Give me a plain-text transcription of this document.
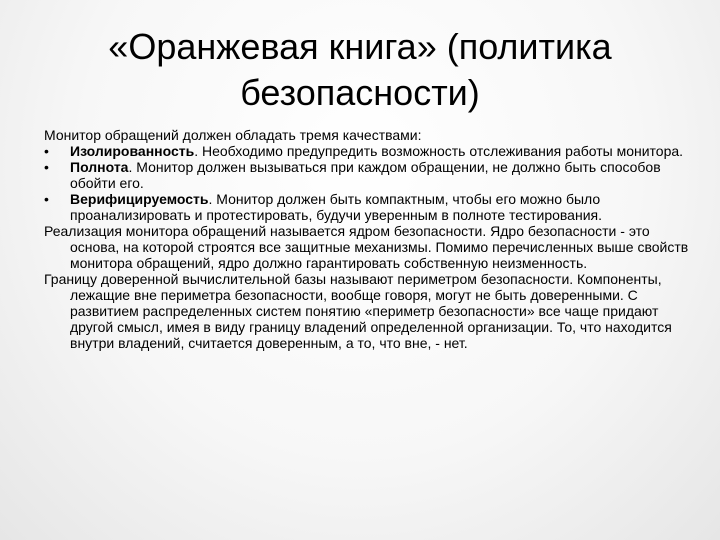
«Оранжевая книга» (политика
безопасности)

Монитор обращений должен обладать тремя качествами:

•	Изолированность. Необходимо предупредить возможность отслеживания работы монитора.
•	Полнота. Монитор должен вызываться при каждом обращении, не должно быть способов обойти его.
•	Верифицируемость. Монитор должен быть компактным, чтобы его можно было проанализировать и протестировать, будучи уверенным в полноте тестирования.

Реализация монитора обращений называется ядром безопасности. Ядро безопасности - это основа, на которой строятся все защитные механизмы. Помимо перечисленных выше свойств монитора обращений, ядро должно гарантировать собственную неизменность.

Границу доверенной вычислительной базы называют периметром безопасности. Компоненты, лежащие вне периметра безопасности, вообще говоря, могут не быть доверенными. С развитием распределенных систем понятию «периметр безопасности» все чаще придают другой смысл, имея в виду границу владений определенной организации. То, что находится внутри владений, считается доверенным, а то, что вне, - нет.
